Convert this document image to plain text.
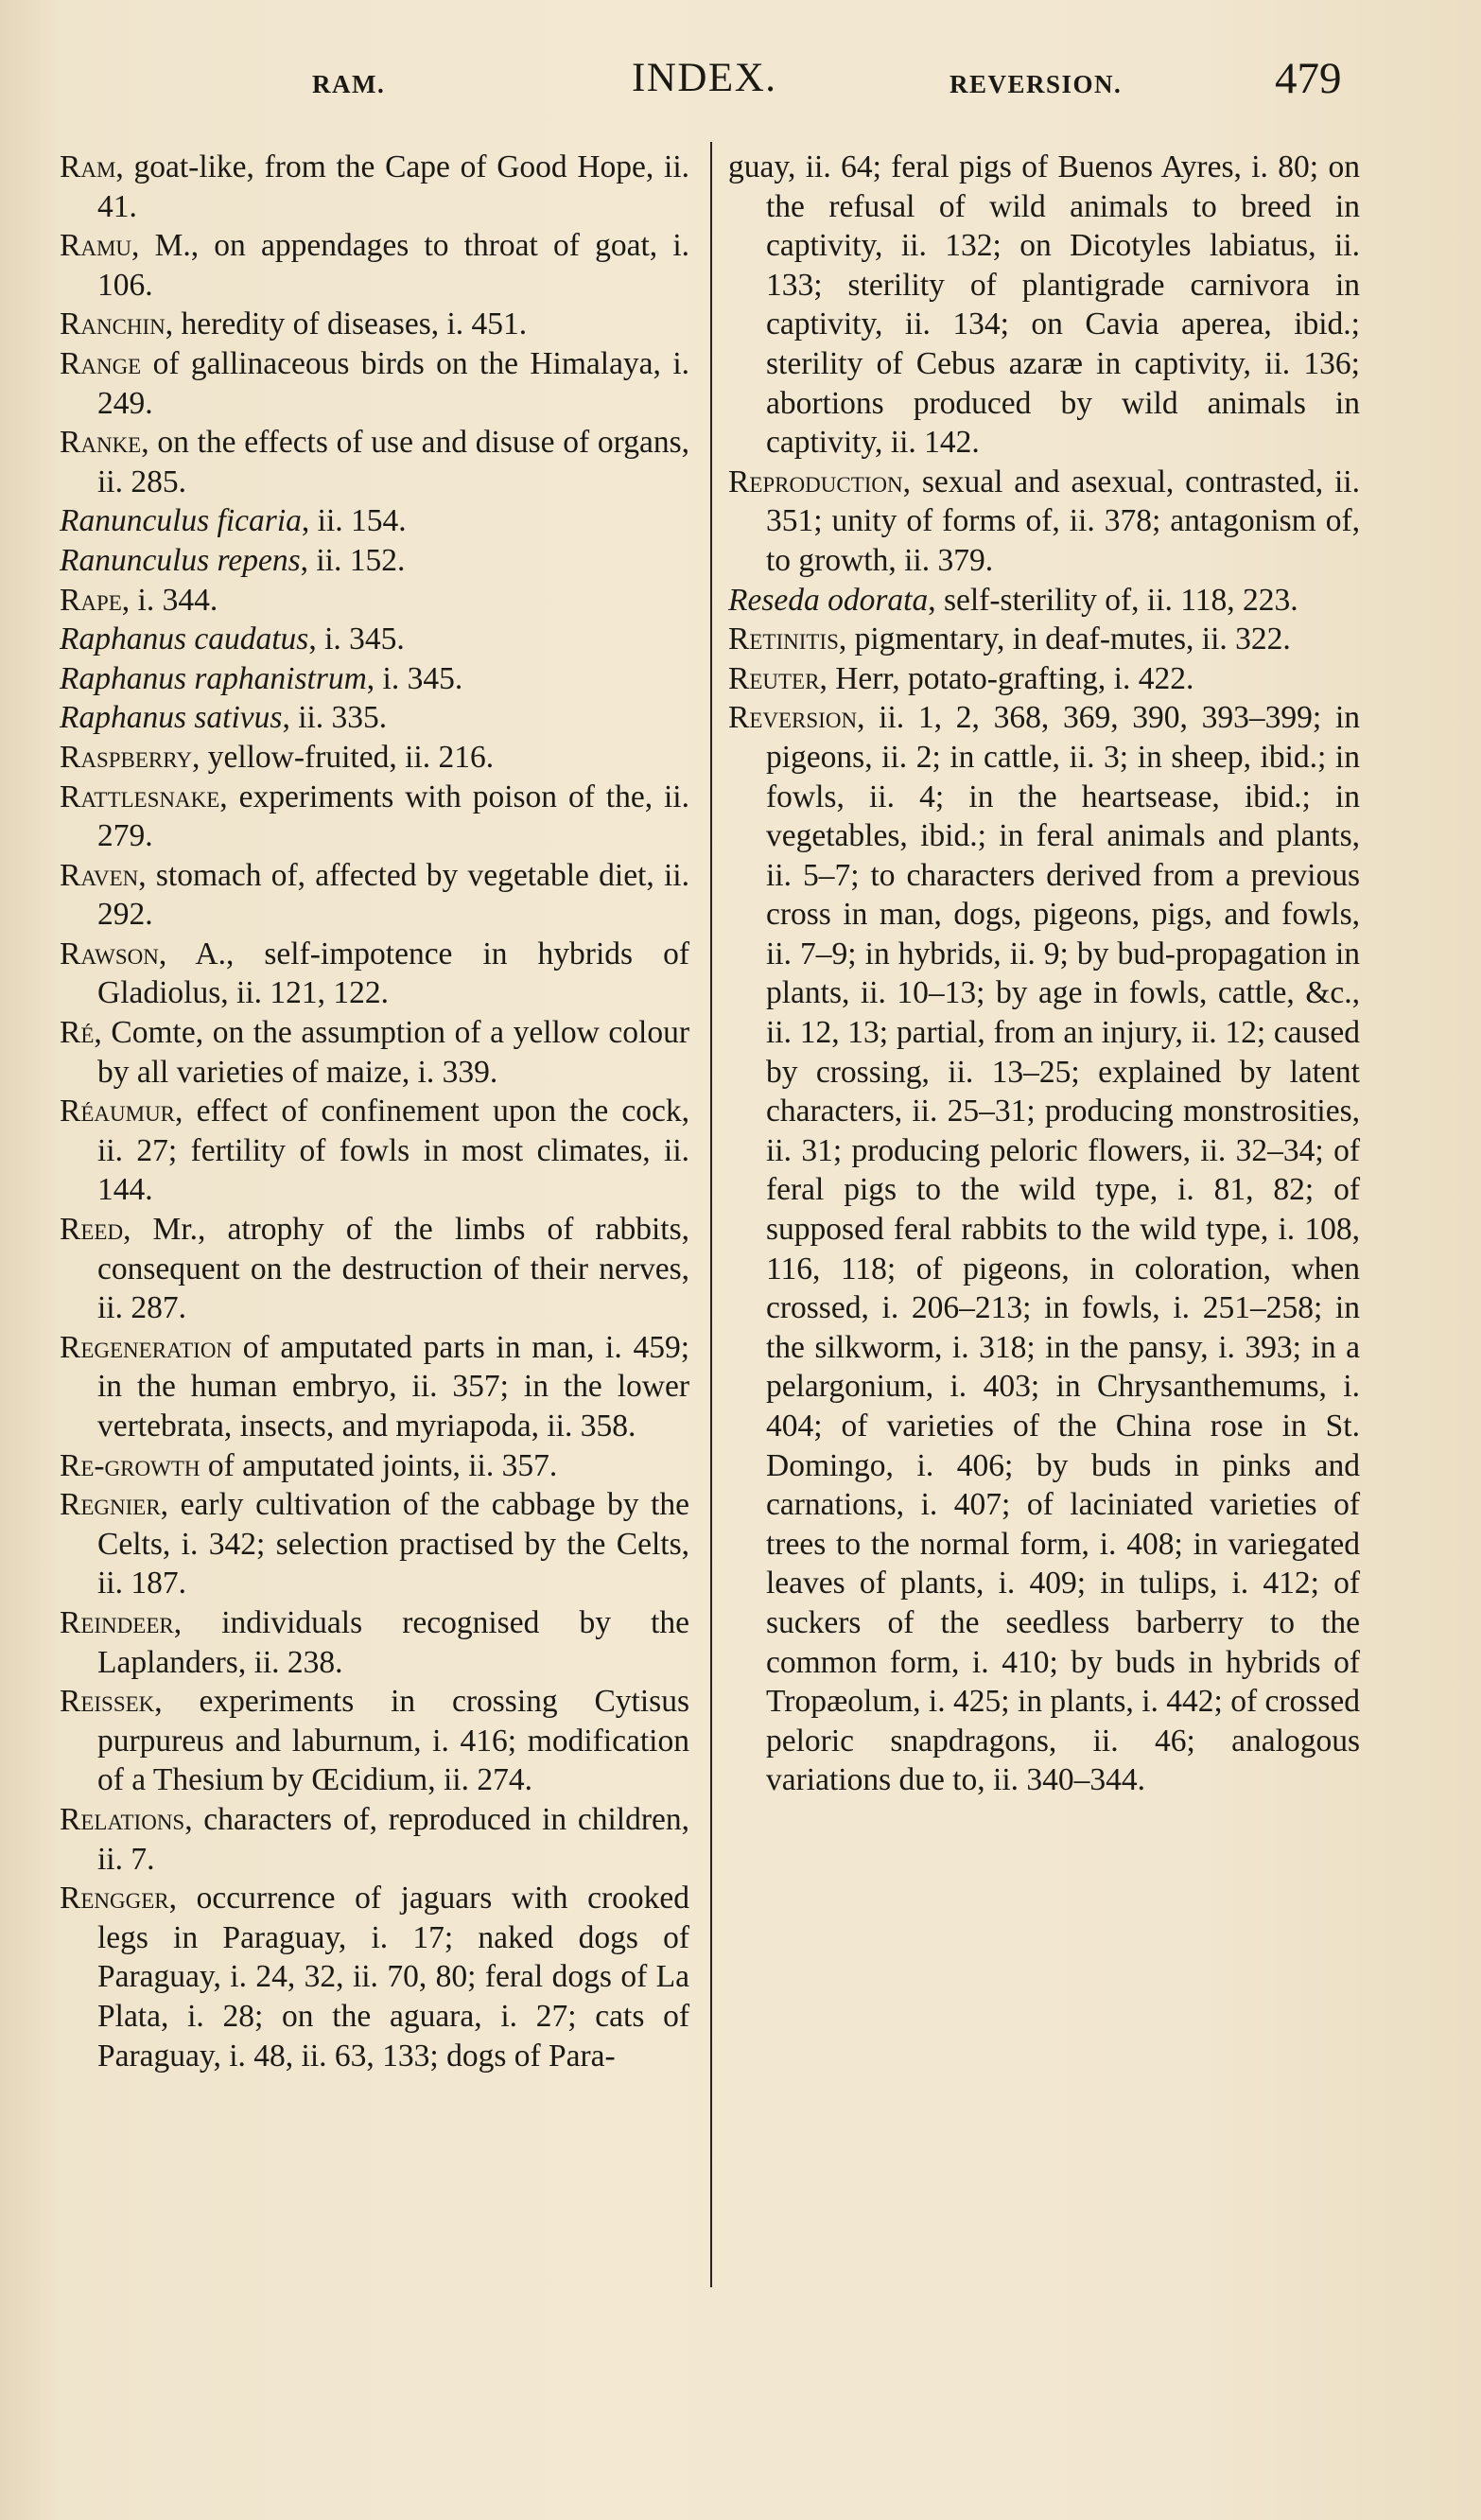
RAM.	INDEX.	REVERSION.	479

Ram, goat-like, from the Cape of Good Hope, ii. 41.

Ramu, M., on appendages to throat of goat, i. 106.

Ranchin, heredity of diseases, i. 451.

Range of gallinaceous birds on the Himalaya, i. 249.

Ranke, on the effects of use and disuse of organs, ii. 285.

Ranunculus ficaria, ii. 154.

Ranunculus repens, ii. 152.

Rape, i. 344.

Raphanus caudatus, i. 345.

Raphanus raphanistrum, i. 345.

Raphanus sativus, ii. 335.

Raspberry, yellow-fruited, ii. 216.

Rattlesnake, experiments with poison of the, ii. 279.

Raven, stomach of, affected by vegetable diet, ii. 292.

Rawson, A., self-impotence in hybrids of Gladiolus, ii. 121, 122.

Ré, Comte, on the assumption of a yellow colour by all varieties of maize, i. 339.

Réaumur, effect of confinement upon the cock, ii. 27; fertility of fowls in most climates, ii. 144.

Reed, Mr., atrophy of the limbs of rabbits, consequent on the destruction of their nerves, ii. 287.

Regeneration of amputated parts in man, i. 459; in the human embryo, ii. 357; in the lower vertebrata, insects, and myriapoda, ii. 358.

Re-growth of amputated joints, ii. 357.

Regnier, early cultivation of the cabbage by the Celts, i. 342; selection practised by the Celts, ii. 187.

Reindeer, individuals recognised by the Laplanders, ii. 238.

Reissek, experiments in crossing Cytisus purpureus and laburnum, i. 416; modification of a Thesium by Œcidium, ii. 274.

Relations, characters of, reproduced in children, ii. 7.

Rengger, occurrence of jaguars with crooked legs in Paraguay, i. 17; naked dogs of Paraguay, i. 24, 32, ii. 70, 80; feral dogs of La Plata, i. 28; on the aguara, i. 27; cats of Paraguay, i. 48, ii. 63, 133; dogs of Para-

guay, ii. 64; feral pigs of Buenos Ayres, i. 80; on the refusal of wild animals to breed in captivity, ii. 132; on Dicotyles labiatus, ii. 133; sterility of plantigrade carnivora in captivity, ii. 134; on Cavia aperea, ibid.; sterility of Cebus azaræ in captivity, ii. 136; abortions produced by wild animals in captivity, ii. 142.

Reproduction, sexual and asexual, contrasted, ii. 351; unity of forms of, ii. 378; antagonism of, to growth, ii. 379.

Reseda odorata, self-sterility of, ii. 118, 223.

Retinitis, pigmentary, in deaf-mutes, ii. 322.

Reuter, Herr, potato-grafting, i. 422.

Reversion, ii. 1, 2, 368, 369, 390, 393–399; in pigeons, ii. 2; in cattle, ii. 3; in sheep, ibid.; in fowls, ii. 4; in the heartsease, ibid.; in vegetables, ibid.; in feral animals and plants, ii. 5–7; to characters derived from a previous cross in man, dogs, pigeons, pigs, and fowls, ii. 7–9; in hybrids, ii. 9; by bud-propagation in plants, ii. 10–13; by age in fowls, cattle, &c., ii. 12, 13; partial, from an injury, ii. 12; caused by crossing, ii. 13–25; explained by latent characters, ii. 25–31; producing monstrosities, ii. 31; producing peloric flowers, ii. 32–34; of feral pigs to the wild type, i. 81, 82; of supposed feral rabbits to the wild type, i. 108, 116, 118; of pigeons, in coloration, when crossed, i. 206–213; in fowls, i. 251–258; in the silkworm, i. 318; in the pansy, i. 393; in a pelargonium, i. 403; in Chrysanthemums, i. 404; of varieties of the China rose in St. Domingo, i. 406; by buds in pinks and carnations, i. 407; of laciniated varieties of trees to the normal form, i. 408; in variegated leaves of plants, i. 409; in tulips, i. 412; of suckers of the seedless barberry to the common form, i. 410; by buds in hybrids of Tropæolum, i. 425; in plants, i. 442; of crossed peloric snapdragons, ii. 46; analogous variations due to, ii. 340–344.
